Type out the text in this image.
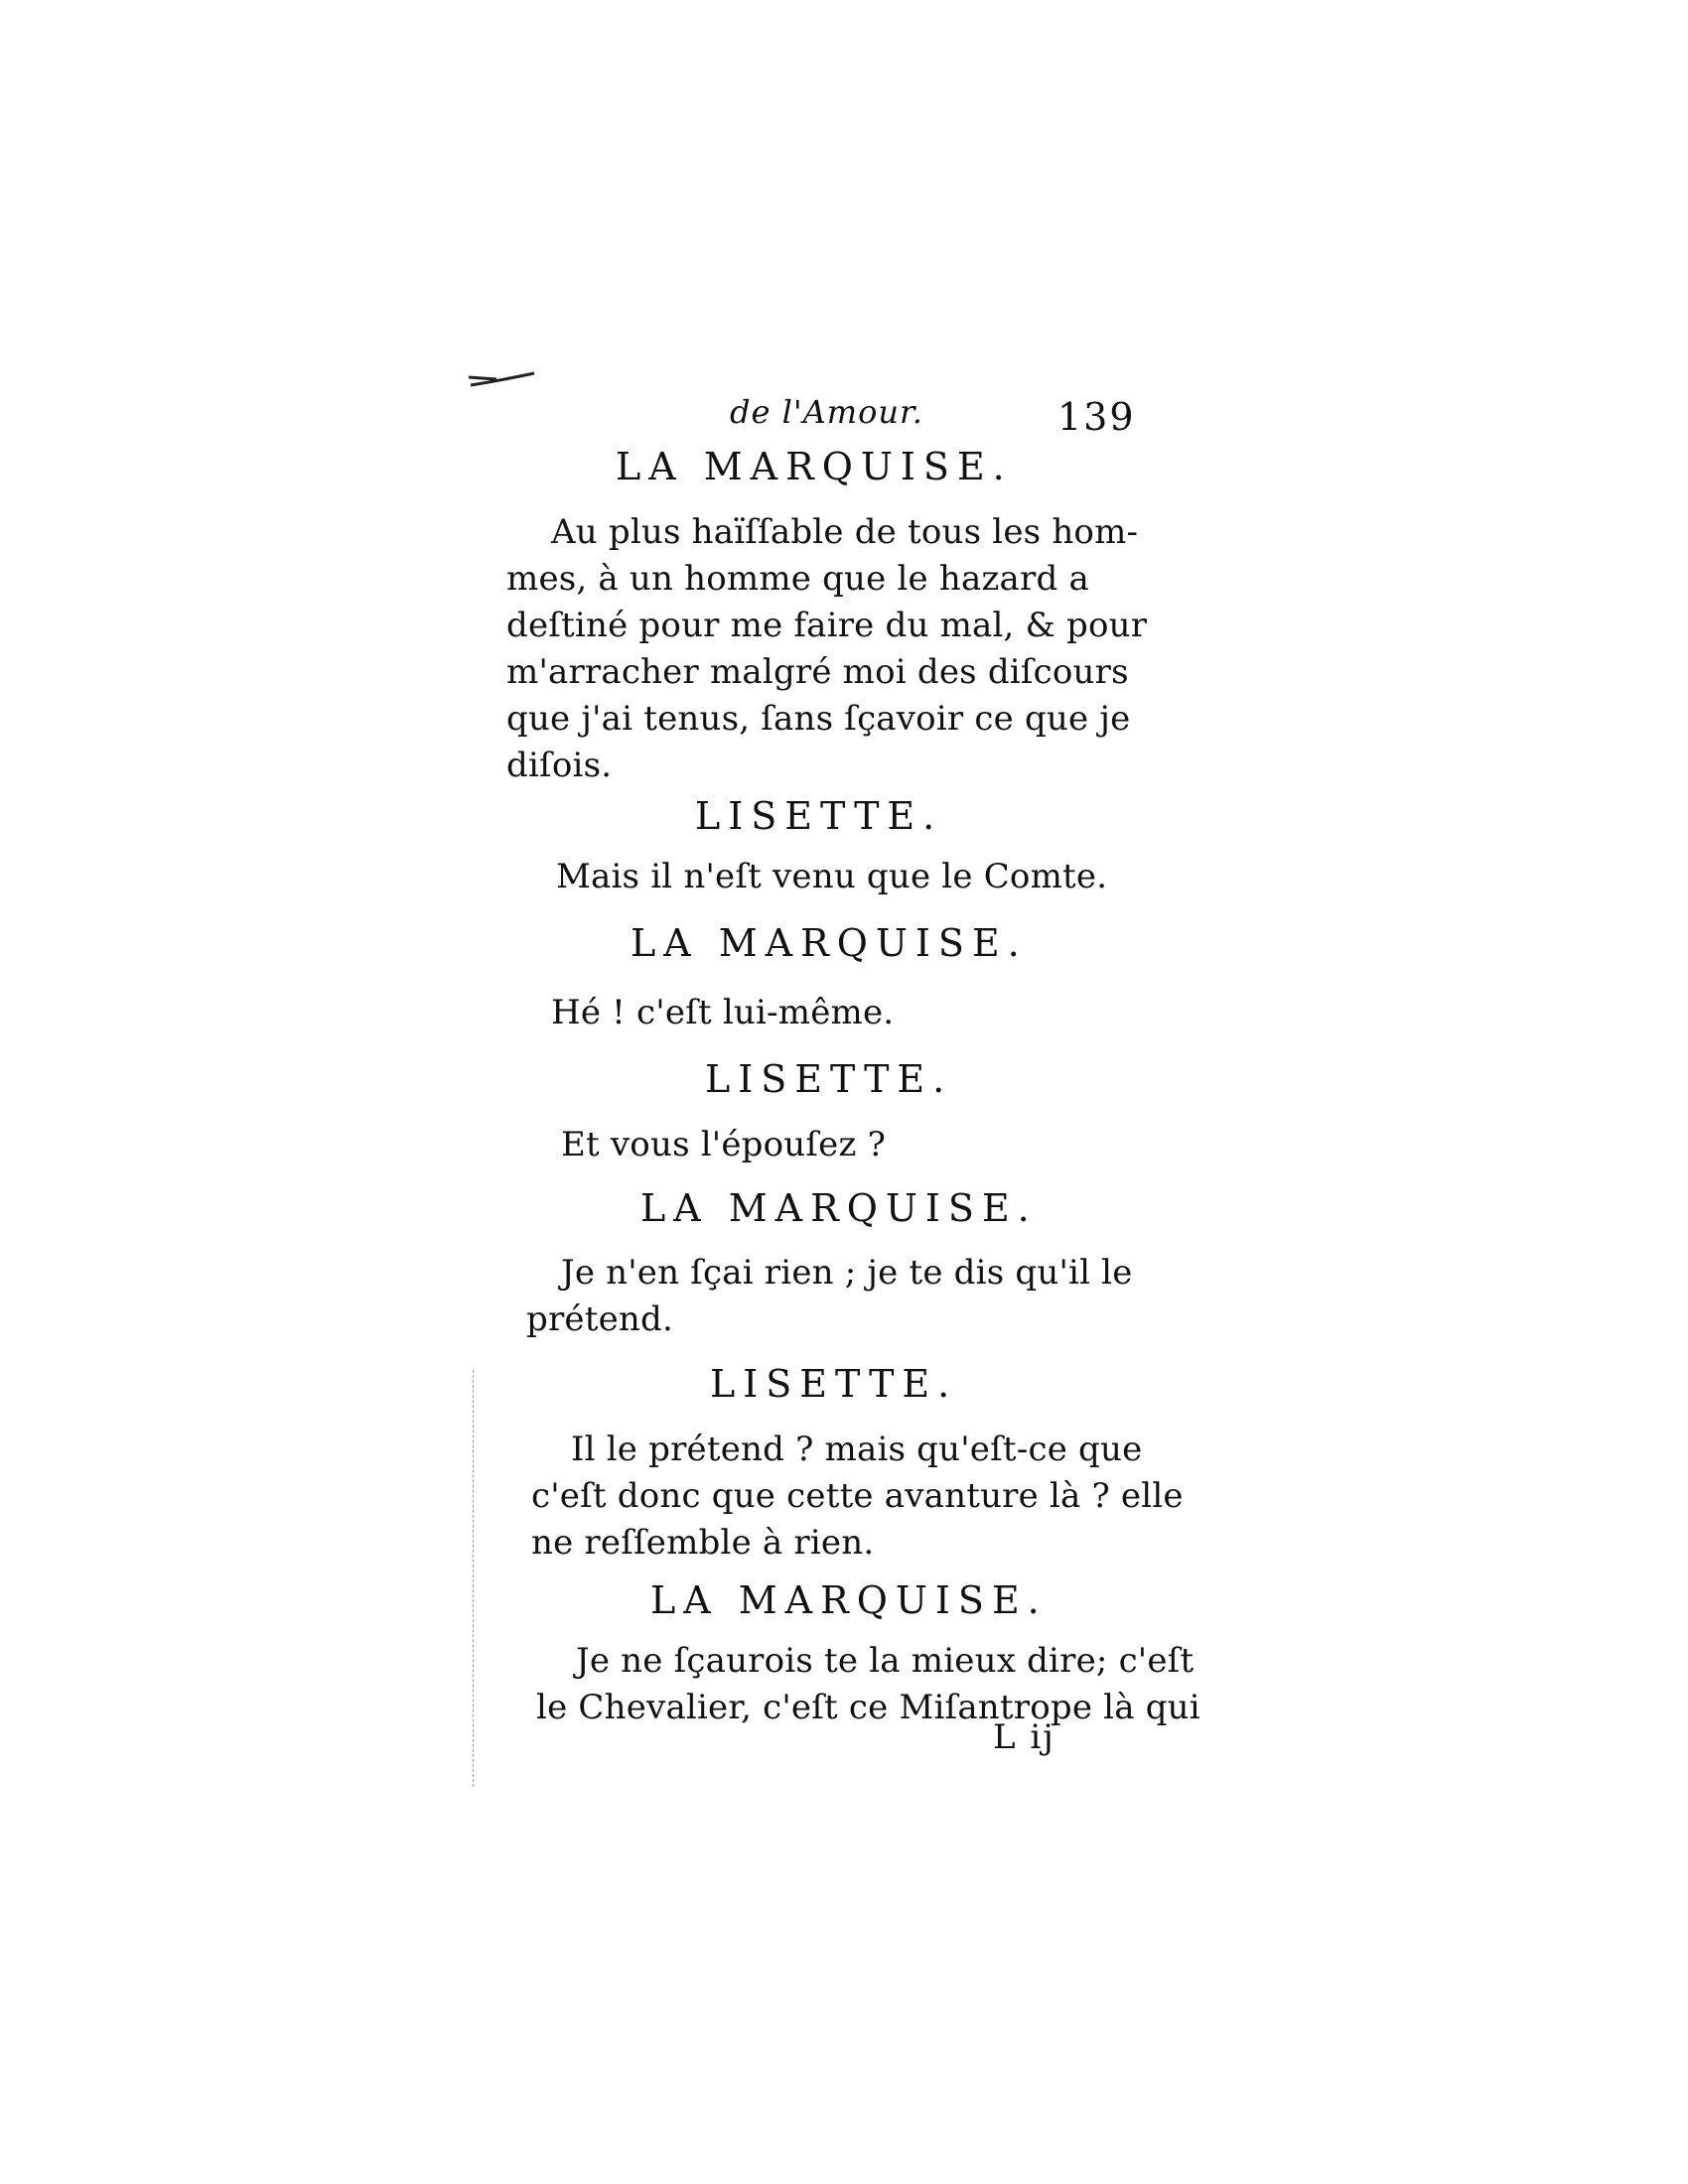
de l'Amour.	139
LA MARQUISE.
Au plus haïſſable de tous les hom-
mes, à un homme que le hazard a
deſtiné pour me faire du mal, & pour
m'arracher malgré moi des diſcours
que j'ai tenus, ſans ſçavoir ce que je
diſois.
LISETTE.
Mais il n'eſt venu que le Comte.
LA MARQUISE.
Hé ! c'eſt lui-même.
LISETTE.
Et vous l'épouſez ?
LA MARQUISE.
Je n'en ſçai rien ; je te dis qu'il le
prétend.
LISETTE.
Il le prétend ? mais qu'eſt-ce que
c'eſt donc que cette avanture là ? elle
ne reſſemble à rien.
LA MARQUISE.
Je ne ſçaurois te la mieux dire; c'eſt
le Chevalier, c'eſt ce Miſantrope là qui
L ij
